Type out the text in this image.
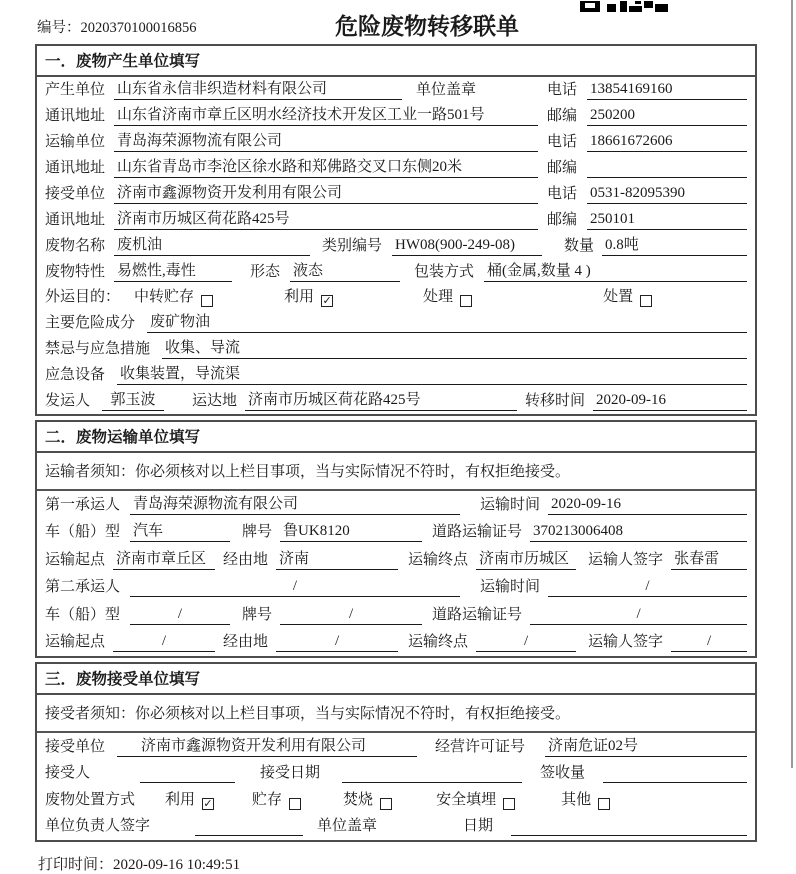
编号：2020370100016856	危险废物转移联单
一．废物产生单位填写
产生单位 山东省永信非织造材料有限公司	单位盖章	电话 13854169160
通讯地址 山东省济南市章丘区明水经济技术开发区工业一路501号	邮编 250200
运输单位 青岛海荣源物流有限公司	电话 18661672606
通讯地址 山东省青岛市李沧区徐水路和郑佛路交叉口东侧20米	邮编
接受单位 济南市鑫源物资开发利用有限公司	电话 0531-82095390
通讯地址 济南市历城区荷花路425号	邮编 250101
废物名称 废机油	类别编号 HW08(900-249-08)	数量 0.8吨
废物特性 易燃性,毒性	形态 液态	包装方式 桶(金属,数量 4 )
外运目的： 中转贮存	利用 ✓	处理	处置
主要危险成分 废矿物油
禁忌与应急措施 收集、导流
应急设备 收集装置，导流渠
发运人	郭玉波	运达地 济南市历城区荷花路425号	转移时间 2020-09-16
二．废物运输单位填写
运输者须知：你必须核对以上栏目事项，当与实际情况不符时，有权拒绝接受。
第一承运人 青岛海荣源物流有限公司	运输时间 2020-09-16
车（船）型 汽车	牌号 鲁UK8120	道路运输证号 370213006408
运输起点 济南市章丘区	经由地 济南	运输终点 济南市历城区	运输人签字 张春雷
第二承运人	/	运输时间	/
车（船）型	/	牌号	/	道路运输证号	/
运输起点	/	经由地	/	运输终点	/	运输人签字	/
三．废物接受单位填写
接受者须知：你必须核对以上栏目事项，当与实际情况不符时，有权拒绝接受。
接受单位	济南市鑫源物资开发利用有限公司	经营许可证号 济南危证02号
接受人	接受日期	签收量
废物处置方式 利用 ✓	贮存	焚烧	安全填埋	其他
单位负责人签字	单位盖章	日期
打印时间：2020-09-16 10:49:51
